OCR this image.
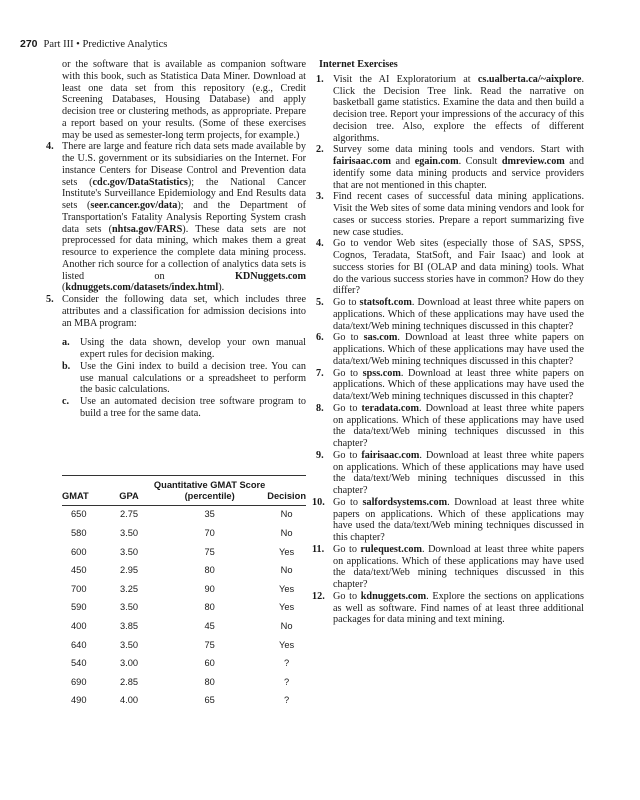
270 Part III • Predictive Analytics
or the software that is available as companion software with this book, such as Statistica Data Miner. Download at least one data set from this repository (e.g., Credit Screening Databases, Housing Database) and apply decision tree or clustering methods, as appropriate. Prepare a report based on your results. (Some of these exercises may be used as semester-long term projects, for example.)
4. There are large and feature rich data sets made available by the U.S. government or its subsidiaries on the Internet. For instance Centers for Disease Control and Prevention data sets (cdc.gov/DataStatistics); the National Cancer Institute's Surveillance Epidemiology and End Results data sets (seer.cancer.gov/data); and the Department of Transportation's Fatality Analysis Reporting System crash data sets (nhtsa.gov/FARS). These data sets are not preprocessed for data mining, which makes them a great resource to experience the complete data mining process. Another rich source for a collection of analytics data sets is listed on KDNuggets.com (kdnuggets.com/datasets/index.html).
5. Consider the following data set, which includes three attributes and a classification for admission decisions into an MBA program:
a. Using the data shown, develop your own manual expert rules for decision making.
b. Use the Gini index to build a decision tree. You can use manual calculations or a spreadsheet to perform the basic calculations.
c. Use an automated decision tree software program to build a tree for the same data.
GMAT	GPA	Quantitative GMAT Score (percentile)	Decision
650	2.75	35	No
580	3.50	70	No
600	3.50	75	Yes
450	2.95	80	No
700	3.25	90	Yes
590	3.50	80	Yes
400	3.85	45	No
640	3.50	75	Yes
540	3.00	60	?
690	2.85	80	?
490	4.00	65	?
Internet Exercises
1. Visit the AI Exploratorium at cs.ualberta.ca/~aixplore. Click the Decision Tree link. Read the narrative on basketball game statistics. Examine the data and then build a decision tree. Report your impressions of the accuracy of this decision tree. Also, explore the effects of different algorithms.
2. Survey some data mining tools and vendors. Start with fairisaac.com and egain.com. Consult dmreview.com and identify some data mining products and service providers that are not mentioned in this chapter.
3. Find recent cases of successful data mining applications. Visit the Web sites of some data mining vendors and look for cases or success stories. Prepare a report summarizing five new case studies.
4. Go to vendor Web sites (especially those of SAS, SPSS, Cognos, Teradata, StatSoft, and Fair Isaac) and look at success stories for BI (OLAP and data mining) tools. What do the various success stories have in common? How do they differ?
5. Go to statsoft.com. Download at least three white papers on applications. Which of these applications may have used the data/text/Web mining techniques discussed in this chapter?
6. Go to sas.com. Download at least three white papers on applications. Which of these applications may have used the data/text/Web mining techniques discussed in this chapter?
7. Go to spss.com. Download at least three white papers on applications. Which of these applications may have used the data/text/Web mining techniques discussed in this chapter?
8. Go to teradata.com. Download at least three white papers on applications. Which of these applications may have used the data/text/Web mining techniques discussed in this chapter?
9. Go to fairisaac.com. Download at least three white papers on applications. Which of these applications may have used the data/text/Web mining techniques discussed in this chapter?
10. Go to salfordsystems.com. Download at least three white papers on applications. Which of these applications may have used the data/text/Web mining techniques discussed in this chapter?
11. Go to rulequest.com. Download at least three white papers on applications. Which of these applications may have used the data/text/Web mining techniques discussed in this chapter?
12. Go to kdnuggets.com. Explore the sections on applications as well as software. Find names of at least three additional packages for data mining and text mining.
